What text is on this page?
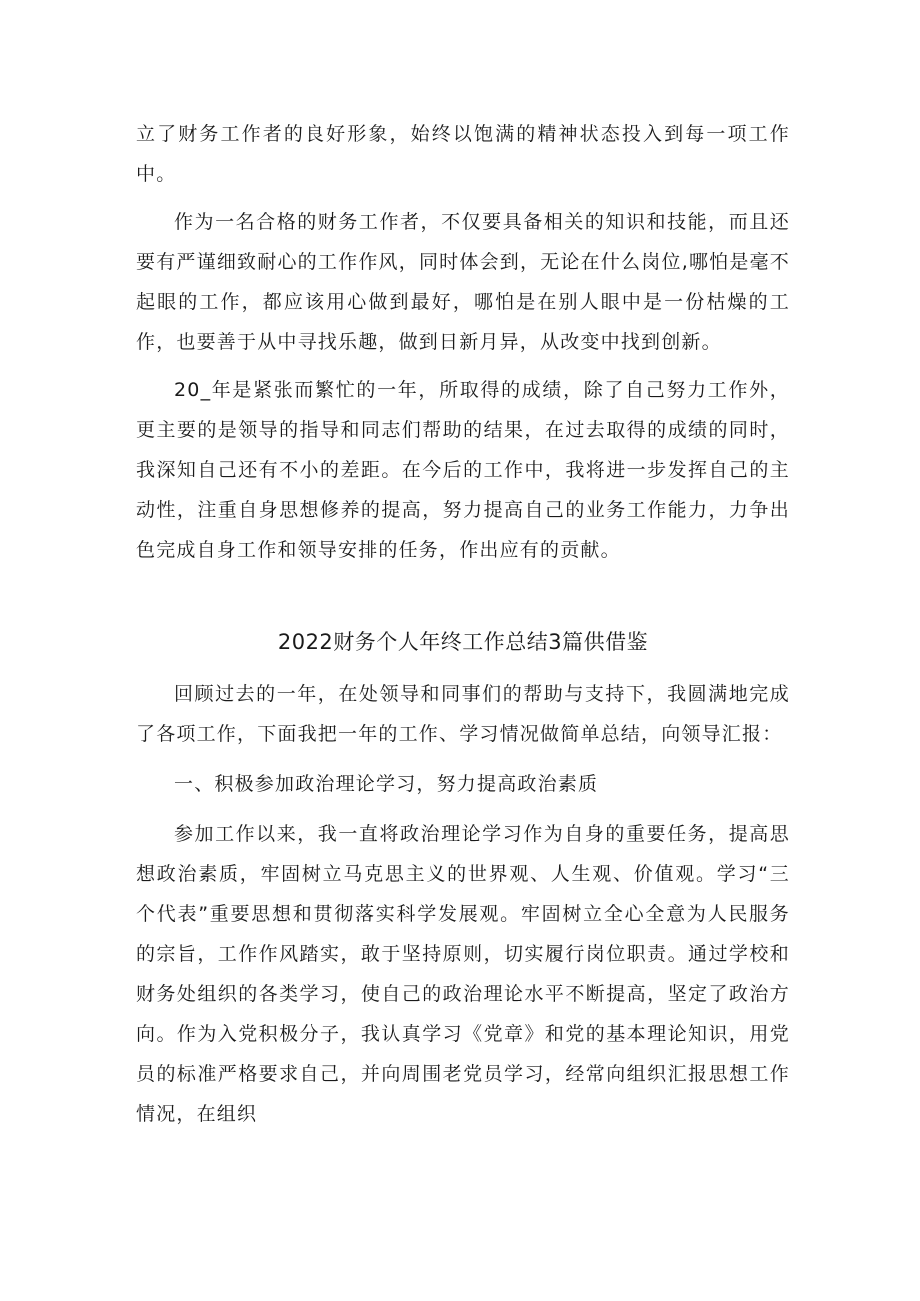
立了财务工作者的良好形象，始终以饱满的精神状态投入到每一项工作中。

作为一名合格的财务工作者，不仅要具备相关的知识和技能，而且还要有严谨细致耐心的工作作风，同时体会到，无论在什么岗位,哪怕是毫不起眼的工作，都应该用心做到最好，哪怕是在别人眼中是一份枯燥的工作，也要善于从中寻找乐趣，做到日新月异，从改变中找到创新。

20_年是紧张而繁忙的一年，所取得的成绩，除了自己努力工作外，更主要的是领导的指导和同志们帮助的结果，在过去取得的成绩的同时，我深知自己还有不小的差距。在今后的工作中，我将进一步发挥自己的主动性，注重自身思想修养的提高，努力提高自己的业务工作能力，力争出色完成自身工作和领导安排的任务，作出应有的贡献。

2022财务个人年终工作总结3篇供借鉴

回顾过去的一年，在处领导和同事们的帮助与支持下，我圆满地完成了各项工作，下面我把一年的工作、学习情况做简单总结，向领导汇报：

一、积极参加政治理论学习，努力提高政治素质

参加工作以来，我一直将政治理论学习作为自身的重要任务，提高思想政治素质，牢固树立马克思主义的世界观、人生观、价值观。学习“三个代表”重要思想和贯彻落实科学发展观。牢固树立全心全意为人民服务的宗旨，工作作风踏实，敢于坚持原则，切实履行岗位职责。通过学校和财务处组织的各类学习，使自己的政治理论水平不断提高，坚定了政治方向。作为入党积极分子，我认真学习《党章》和党的基本理论知识，用党员的标准严格要求自己，并向周围老党员学习，经常向组织汇报思想工作情况，在组织
